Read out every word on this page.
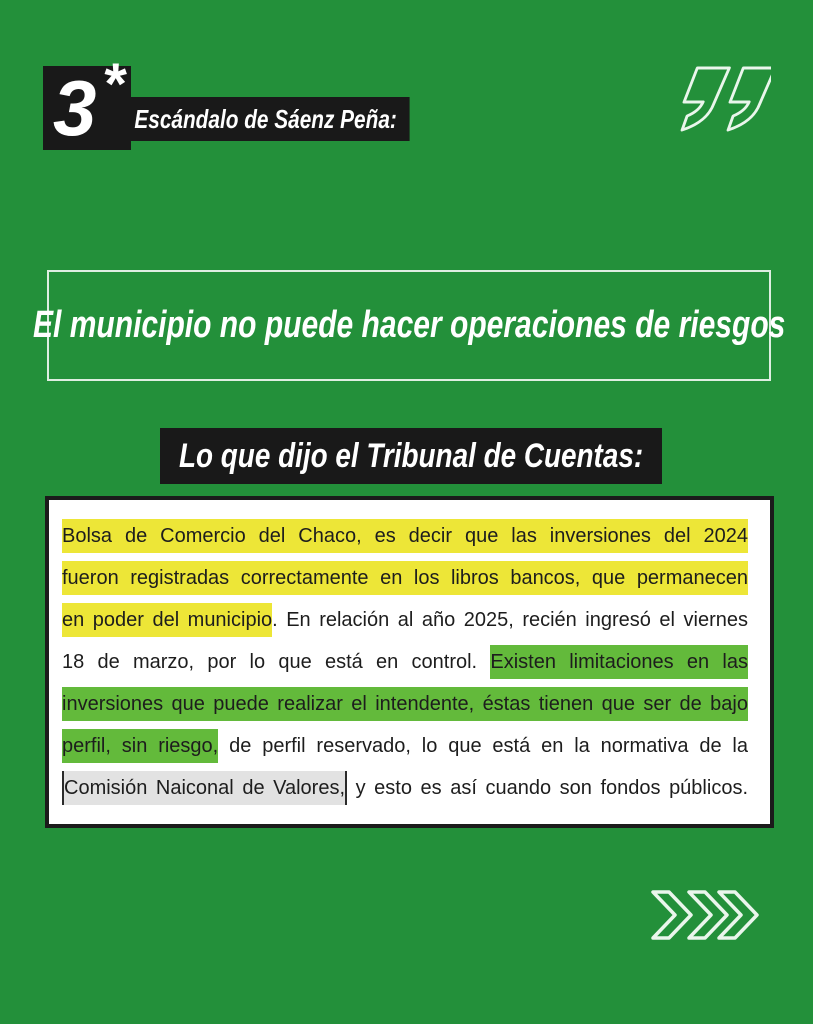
3 *
Escándalo de Sáenz Peña:
El municipio no puede hacer operaciones de riesgos
Lo que dijo el Tribunal de Cuentas:
Bolsa de Comercio del Chaco, es decir que las inversiones del 2024
fueron registradas correctamente en los libros bancos, que permanecen
en poder del municipio. En relación al año 2025, recién ingresó el viernes
18 de marzo, por lo que está en control. Existen limitaciones en las
inversiones que puede realizar el intendente, éstas tienen que ser de bajo
perfil, sin riesgo, de perfil reservado, lo que está en la normativa de la
Comisión Naiconal de Valores, y esto es así cuando son fondos públicos.
